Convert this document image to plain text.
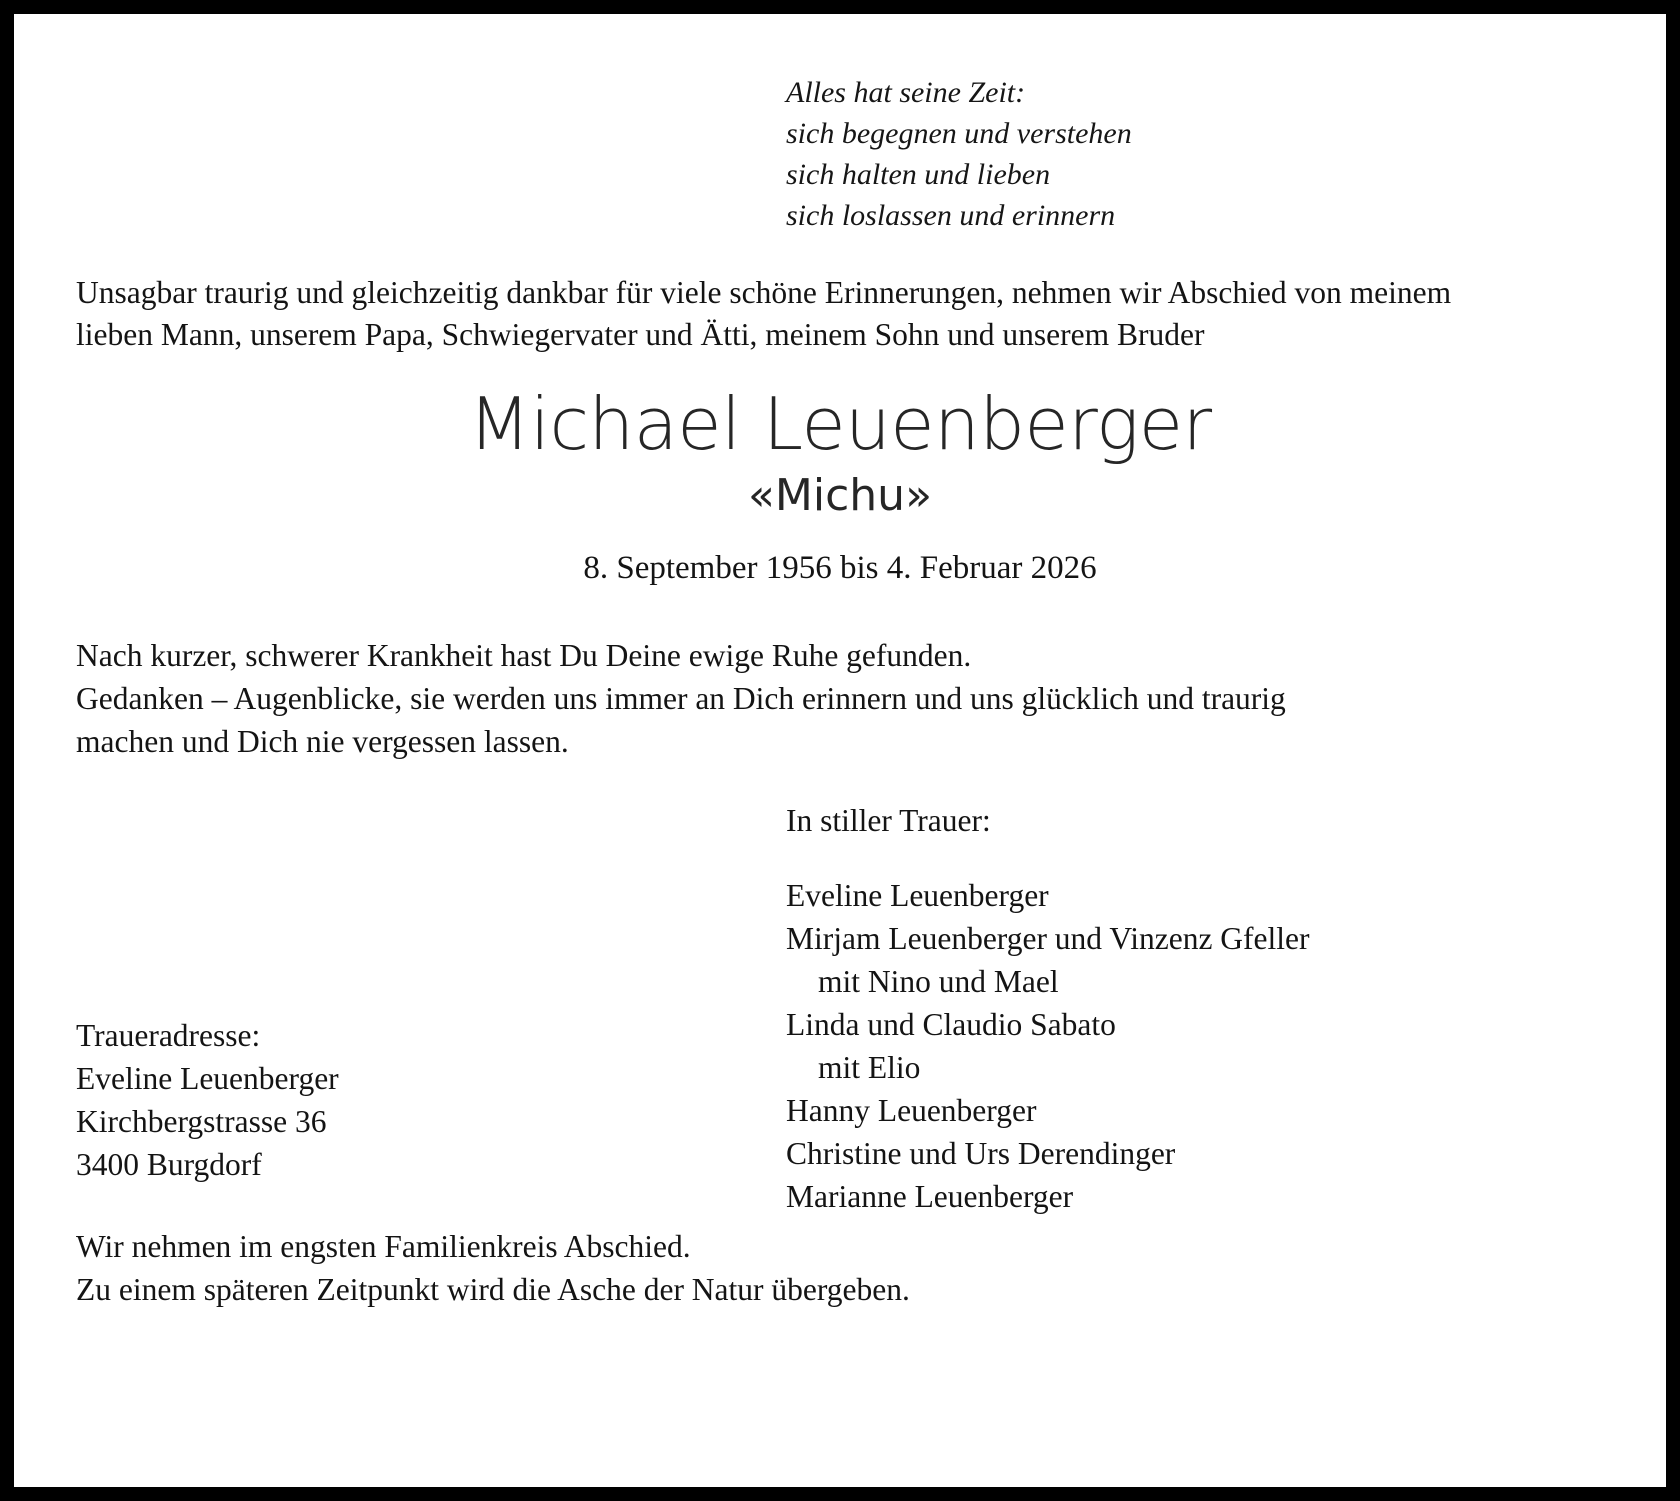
Alles hat seine Zeit:
sich begegnen und verstehen
sich halten und lieben
sich loslassen und erinnern

Unsagbar traurig und gleichzeitig dankbar für viele schöne Erinnerungen, nehmen wir Abschied von meinem lieben Mann, unserem Papa, Schwiegervater und Ätti, meinem Sohn und unserem Bruder

Michael Leuenberger
«Michu»
8. September 1956 bis 4. Februar 2026
Nach kurzer, schwerer Krankheit hast Du Deine ewige Ruhe gefunden.
Gedanken – Augenblicke, sie werden uns immer an Dich erinnern und uns glücklich und traurig
machen und Dich nie vergessen lassen.
In stiller Trauer:
Eveline Leuenberger
Mirjam Leuenberger und Vinzenz Gfeller
mit Nino und Mael
Linda und Claudio Sabato
mit Elio
Hanny Leuenberger
Christine und Urs Derendinger
Marianne Leuenberger
Traueradresse:
Eveline Leuenberger
Kirchbergstrasse 36
3400 Burgdorf
Wir nehmen im engsten Familienkreis Abschied.
Zu einem späteren Zeitpunkt wird die Asche der Natur übergeben.
